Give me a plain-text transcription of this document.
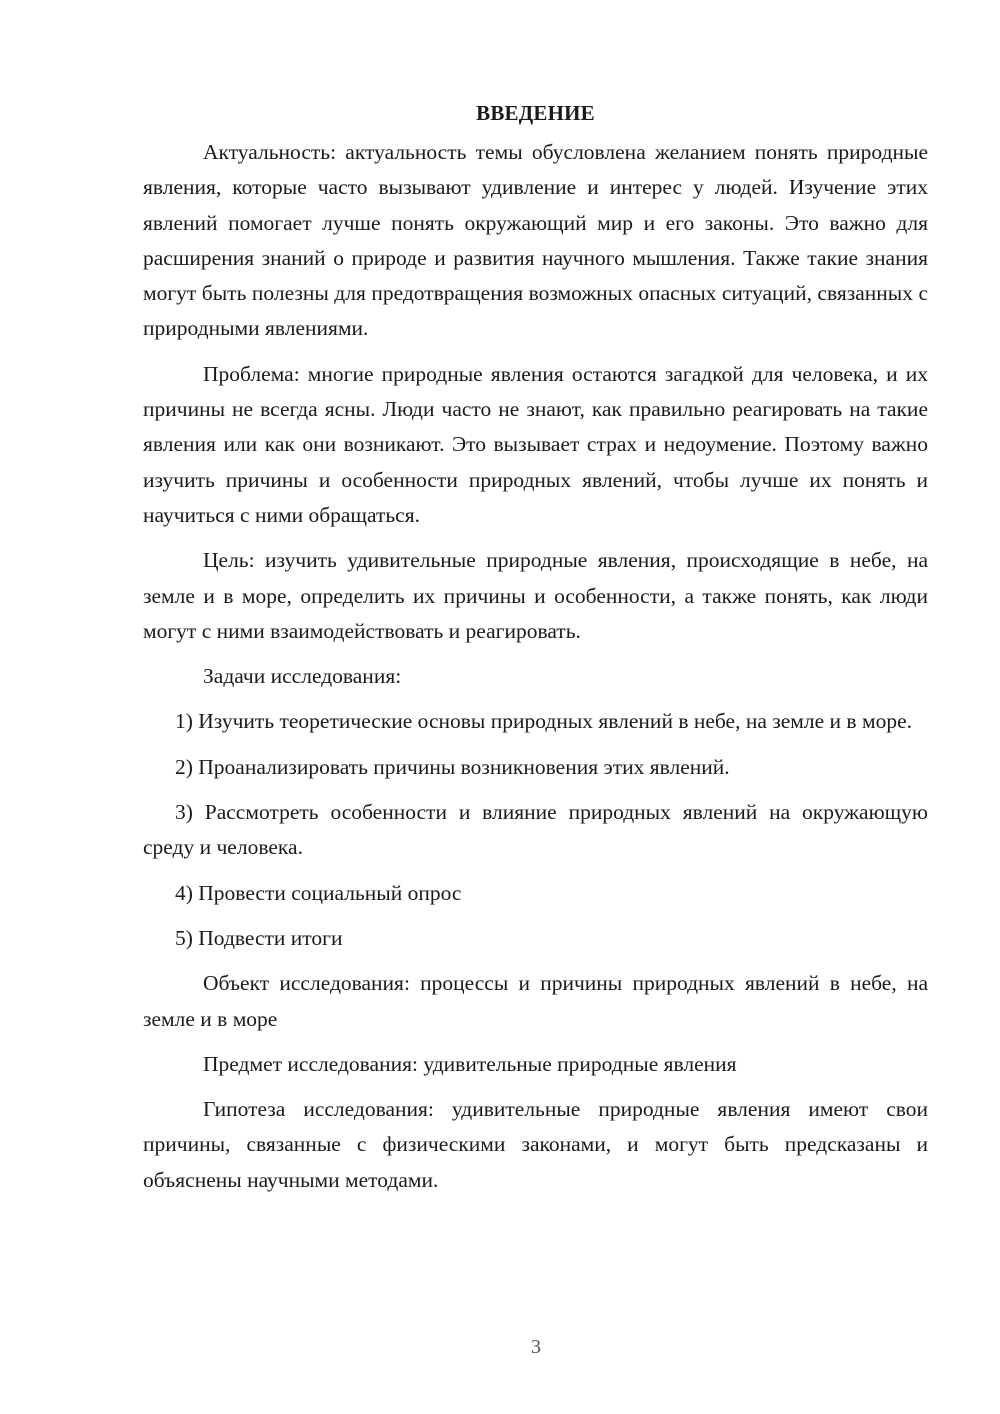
ВВЕДЕНИЕ

Актуальность: актуальность темы обусловлена желанием понять природные явления, которые часто вызывают удивление и интерес у людей. Изучение этих явлений помогает лучше понять окружающий мир и его законы. Это важно для расширения знаний о природе и развития научного мышления. Также такие знания могут быть полезны для предотвращения возможных опасных ситуаций, связанных с природными явлениями.

Проблема: многие природные явления остаются загадкой для человека, и их причины не всегда ясны. Люди часто не знают, как правильно реагировать на такие явления или как они возникают. Это вызывает страх и недоумение. Поэтому важно изучить причины и особенности природных явлений, чтобы лучше их понять и научиться с ними обращаться.

Цель: изучить удивительные природные явления, происходящие в небе, на земле и в море, определить их причины и особенности, а также понять, как люди могут с ними взаимодействовать и реагировать.

Задачи исследования:

1) Изучить теоретические основы природных явлений в небе, на земле и в море.

2) Проанализировать причины возникновения этих явлений.

3) Рассмотреть особенности и влияние природных явлений на окружающую среду и человека.

4) Провести социальный опрос

5) Подвести итоги

Объект исследования: процессы и причины природных явлений в небе, на земле и в море

Предмет исследования: удивительные природные явления

Гипотеза исследования: удивительные природные явления имеют свои причины, связанные с физическими законами, и могут быть предсказаны и объяснены научными методами.

3
